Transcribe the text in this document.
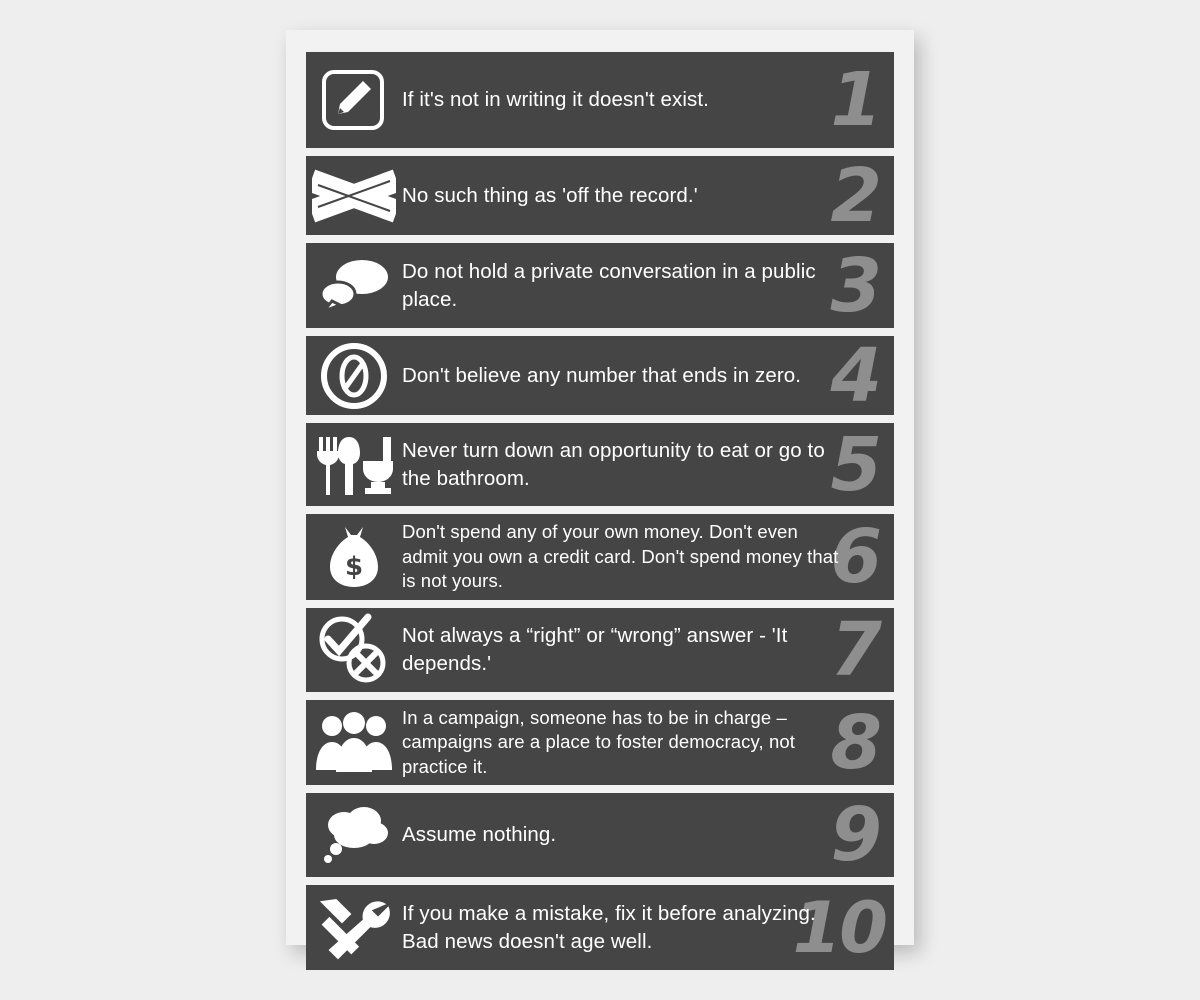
If it's not in writing it doesn't exist.	1
No such thing as 'off the record.'	2
Do not hold a private conversation in a public place.	3
Don't believe any number that ends in zero. 4
Never turn down an opportunity to eat or go to the bathroom.	5
$
Don't spend any of your own money. Don't even admit you own a credit card. Don't spend money that is not yours.	6
Not always a “right” or “wrong” answer - 'It depends.'	7
In a campaign, someone has to be in charge – campaigns are a place to foster democracy, not practice it.	8
Assume nothing.	9
If you make a mistake, fix it before analyzing. Bad news doesn't age well.	10
